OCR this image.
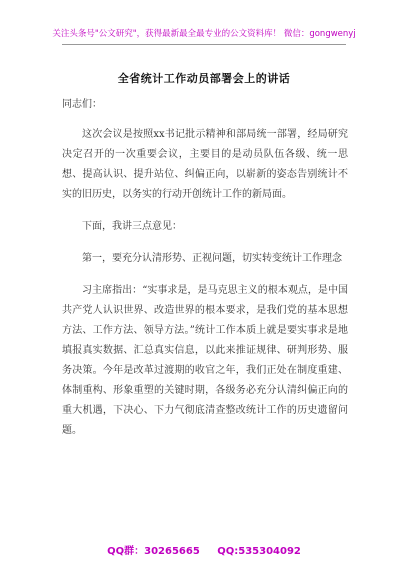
关注头条号"公文研究"，获得最新最全最专业的公文资料库！ 微信：gongwenyj
全省统计工作动员部署会上的讲话

同志们：

这次会议是按照xx书记批示精神和部局统一部署，经局研究决定召开的一次重要会议，主要目的是动员队伍各级、统一思想、提高认识、提升站位、纠偏正向，以崭新的姿态告别统计不实的旧历史，以务实的行动开创统计工作的新局面。

下面，我讲三点意见：

第一，要充分认清形势、正视问题，切实转变统计工作理念

习主席指出：“实事求是，是马克思主义的根本观点，是中国共产党人认识世界、改造世界的根本要求，是我们党的基本思想方法、工作方法、领导方法。”统计工作本质上就是要实事求是地填报真实数据、汇总真实信息，以此来推证规律、研判形势、服务决策。今年是改革过渡期的收官之年，我们正处在制度重建、体制重构、形象重塑的关键时期，各级务必充分认清纠偏正向的重大机遇，下决心、下力气彻底清查整改统计工作的历史遗留问题。

QQ群：30265665 QQ:535304092
